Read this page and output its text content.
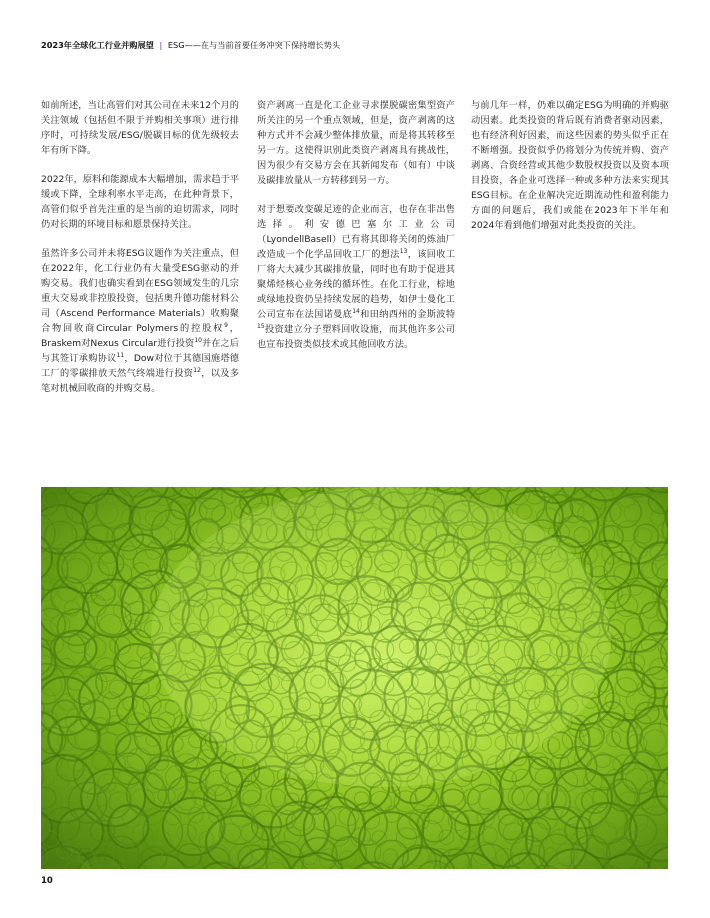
2023年全球化工行业并购展望 | ESG——在与当前首要任务冲突下保持增长势头

如前所述，当让高管们对其公司在未来12个月的关注领域（包括但不限于并购相关事项）进行排序时，可持续发展/ESG/脱碳目标的优先级较去年有所下降。

2022年，原料和能源成本大幅增加，需求趋于平缓或下降，全球利率水平走高，在此种背景下，高管们似乎首先注重的是当前的迫切需求，同时仍对长期的环境目标和愿景保持关注。

虽然许多公司并未将ESG议题作为关注重点，但在2022年，化工行业仍有大量受ESG驱动的并购交易。我们也确实看到在ESG领域发生的几宗重大交易或非控股投资，包括奥升德功能材料公司（Ascend Performance Materials）收购聚合物回收商Circular Polymers的控股权$^9$，Braskem对Nexus Circular进行投资$^{10}$并在之后与其签订承购协议$^{11}$，Dow对位于其德国施塔德工厂的零碳排放天然气终端进行投资$^{12}$，以及多笔对机械回收商的并购交易。

资产剥离一直是化工企业寻求摆脱碳密集型资产所关注的另一个重点领域，但是，资产剥离的这种方式并不会减少整体排放量，而是将其转移至另一方。这使得识别此类资产剥离具有挑战性，因为很少有交易方会在其新闻发布（如有）中谈及碳排放量从一方转移到另一方。

对于想要改变碳足迹的企业而言，也存在非出售选择。利安德巴塞尔工业公司（LyondellBasell）已有将其即将关闭的炼油厂改造成一个化学品回收工厂的想法$^{13}$，该回收工厂将大大减少其碳排放量，同时也有助于促进其聚烯烃核心业务线的循环性。在化工行业，棕地或绿地投资仍呈持续发展的趋势，如伊士曼化工公司宣布在法国诺曼底$^{14}$和田纳西州的金斯波特$^{15}$投资建立分子塑料回收设施，而其他许多公司也宣布投资类似技术或其他回收方法。

与前几年一样，仍难以确定ESG为明确的并购驱动因素。此类投资的背后既有消费者驱动因素，也有经济利好因素，而这些因素的势头似乎正在不断增强。投资似乎仍将划分为传统并购、资产剥离、合资经营或其他少数股权投资以及资本项目投资，各企业可选择一种或多种方法来实现其ESG目标。在企业解决完近期流动性和盈利能力方面的问题后，我们或能在2023年下半年和2024年看到他们增强对此类投资的关注。

10
